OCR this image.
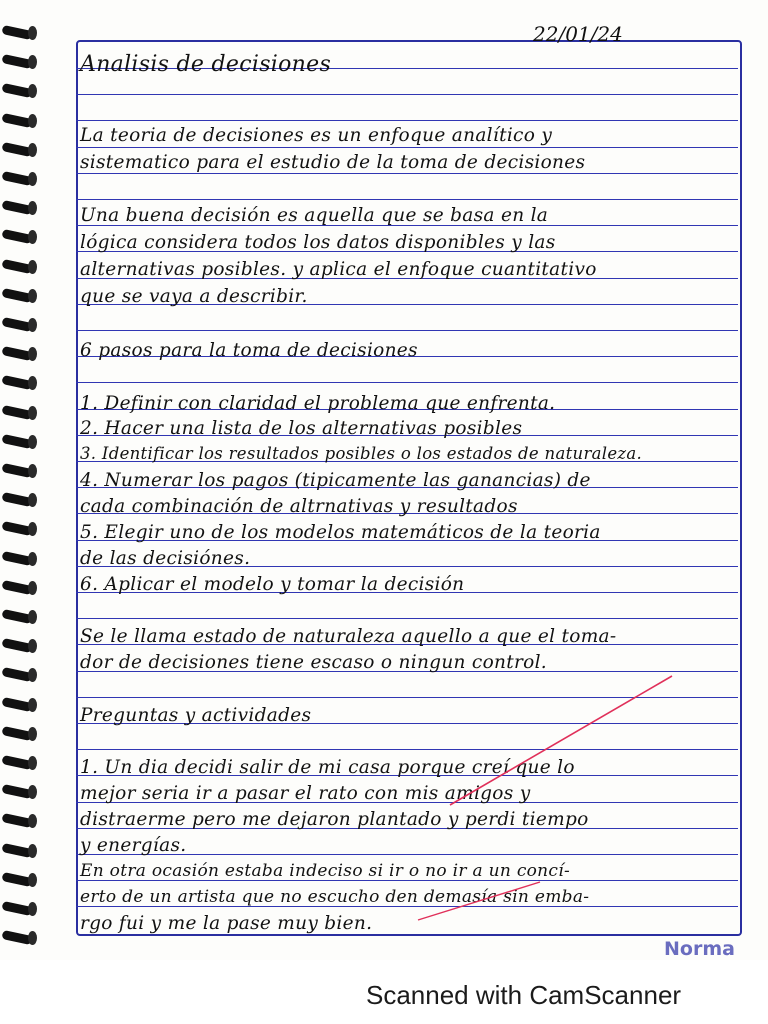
22/01/24
Analisis de decisiones
La teoria de decisiones es un enfoque analítico y
sistematico para el estudio de la toma de decisiones
Una buena decisión es aquella que se basa en la
lógica considera todos los datos disponibles y las
alternativas posibles. y aplica el enfoque cuantitativo
que se vaya a describir.
6 pasos para la toma de decisiones
1. Definir con claridad el problema que enfrenta.
2. Hacer una lista de los alternativas posibles
3. Identificar los resultados posibles o los estados de naturaleza.
4. Numerar los pagos (tipicamente las ganancias) de
cada combinación de altrnativas y resultados
5. Elegir uno de los modelos matemáticos de la teoria
de las decisiónes.
6. Aplicar el modelo y tomar la decisión
Se le llama estado de naturaleza aquello a que el toma-
dor de decisiones tiene escaso o ningun control.
Preguntas y actividades
1. Un dia decidi salir de mi casa porque creí que lo
mejor seria ir a pasar el rato con mis amigos y
distraerme pero me dejaron plantado y perdi tiempo
y energías.
En otra ocasión estaba indeciso si ir o no ir a un concí-
erto de un artista que no escucho den demasía sin emba-
rgo fui y me la pase muy bien.
Norma
Scanned with CamScanner
